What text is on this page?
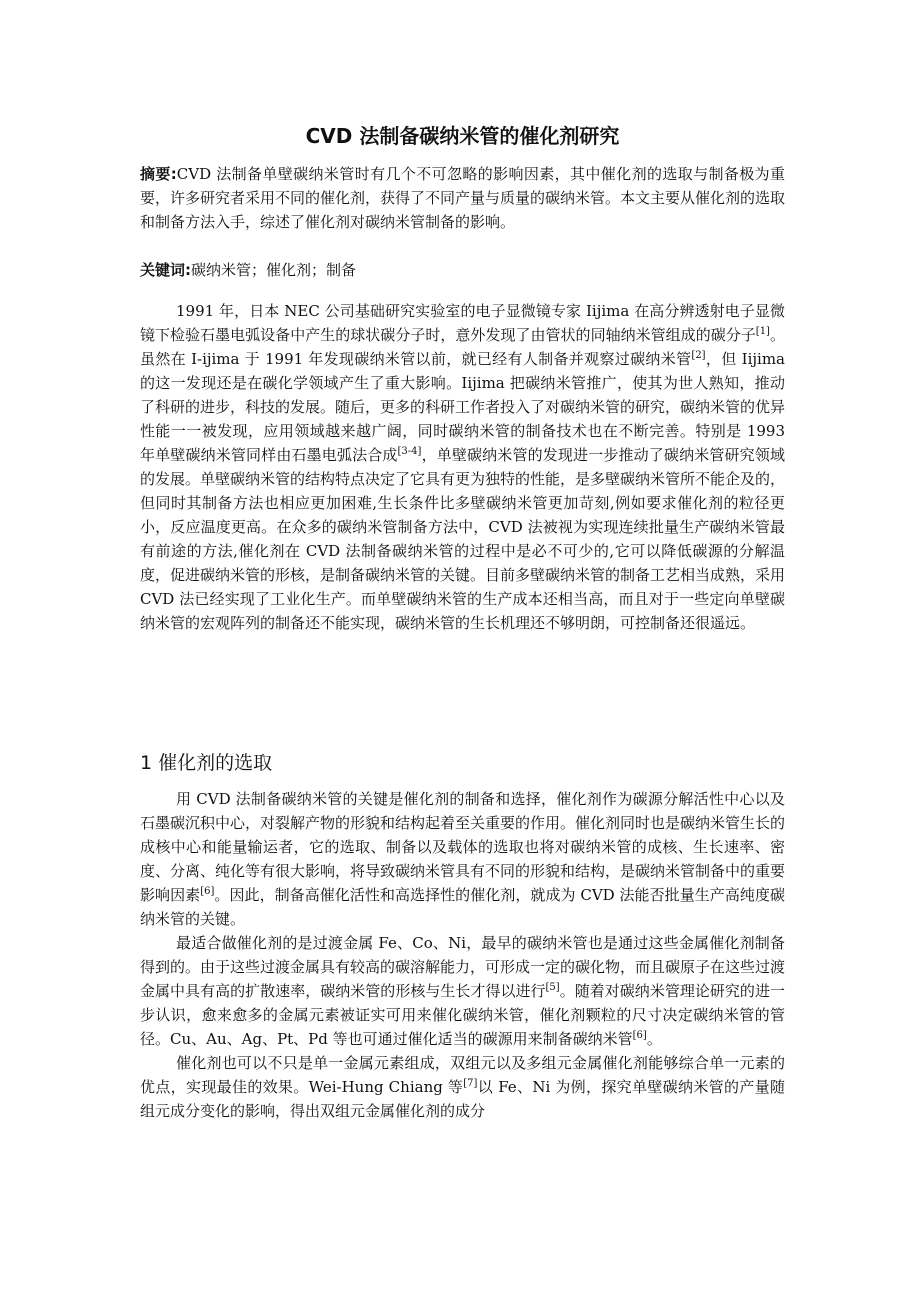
CVD 法制备碳纳米管的催化剂研究
摘要:CVD 法制备单壁碳纳米管时有几个不可忽略的影响因素，其中催化剂的选取与制备极为重要，许多研究者采用不同的催化剂，获得了不同产量与质量的碳纳米管。本文主要从催化剂的选取和制备方法入手，综述了催化剂对碳纳米管制备的影响。
关键词:碳纳米管；催化剂；制备

1991 年，日本 NEC 公司基础研究实验室的电子显微镜专家 Iijima 在高分辨透射电子显微镜下检验石墨电弧设备中产生的球状碳分子时，意外发现了由管状的同轴纳米管组成的碳分子[1]。虽然在 I-ijima 于 1991 年发现碳纳米管以前，就已经有人制备并观察过碳纳米管[2]，但 Iijima 的这一发现还是在碳化学领域产生了重大影响。Iijima 把碳纳米管推广，使其为世人熟知，推动了科研的进步，科技的发展。随后，更多的科研工作者投入了对碳纳米管的研究，碳纳米管的优异性能一一被发现，应用领域越来越广阔，同时碳纳米管的制备技术也在不断完善。特别是 1993 年单壁碳纳米管同样由石墨电弧法合成[3-4]，单壁碳纳米管的发现进一步推动了碳纳米管研究领域的发展。单壁碳纳米管的结构特点决定了它具有更为独特的性能，是多壁碳纳米管所不能企及的，但同时其制备方法也相应更加困难,生长条件比多壁碳纳米管更加苛刻,例如要求催化剂的粒径更小，反应温度更高。在众多的碳纳米管制备方法中，CVD 法被视为实现连续批量生产碳纳米管最有前途的方法,催化剂在 CVD 法制备碳纳米管的过程中是必不可少的,它可以降低碳源的分解温度，促进碳纳米管的形核，是制备碳纳米管的关键。目前多壁碳纳米管的制备工艺相当成熟，采用 CVD 法已经实现了工业化生产。而单壁碳纳米管的生产成本还相当高，而且对于一些定向单壁碳纳米管的宏观阵列的制备还不能实现，碳纳米管的生长机理还不够明朗，可控制备还很遥远。

1 催化剂的选取

用 CVD 法制备碳纳米管的关键是催化剂的制备和选择，催化剂作为碳源分解活性中心以及石墨碳沉积中心，对裂解产物的形貌和结构起着至关重要的作用。催化剂同时也是碳纳米管生长的成核中心和能量输运者，它的选取、制备以及载体的选取也将对碳纳米管的成核、生长速率、密度、分离、纯化等有很大影响，将导致碳纳米管具有不同的形貌和结构，是碳纳米管制备中的重要影响因素[6]。因此，制备高催化活性和高选择性的催化剂，就成为 CVD 法能否批量生产高纯度碳纳米管的关键。

最适合做催化剂的是过渡金属 Fe、Co、Ni，最早的碳纳米管也是通过这些金属催化剂制备得到的。由于这些过渡金属具有较高的碳溶解能力，可形成一定的碳化物，而且碳原子在这些过渡金属中具有高的扩散速率，碳纳米管的形核与生长才得以进行[5]。随着对碳纳米管理论研究的进一步认识，愈来愈多的金属元素被证实可用来催化碳纳米管，催化剂颗粒的尺寸决定碳纳米管的管径。Cu、Au、Ag、Pt、Pd 等也可通过催化适当的碳源用来制备碳纳米管[6]。

催化剂也可以不只是单一金属元素组成，双组元以及多组元金属催化剂能够综合单一元素的优点，实现最佳的效果。Wei-Hung Chiang 等[7]以 Fe、Ni 为例，探究单壁碳纳米管的产量随组元成分变化的影响，得出双组元金属催化剂的成分
